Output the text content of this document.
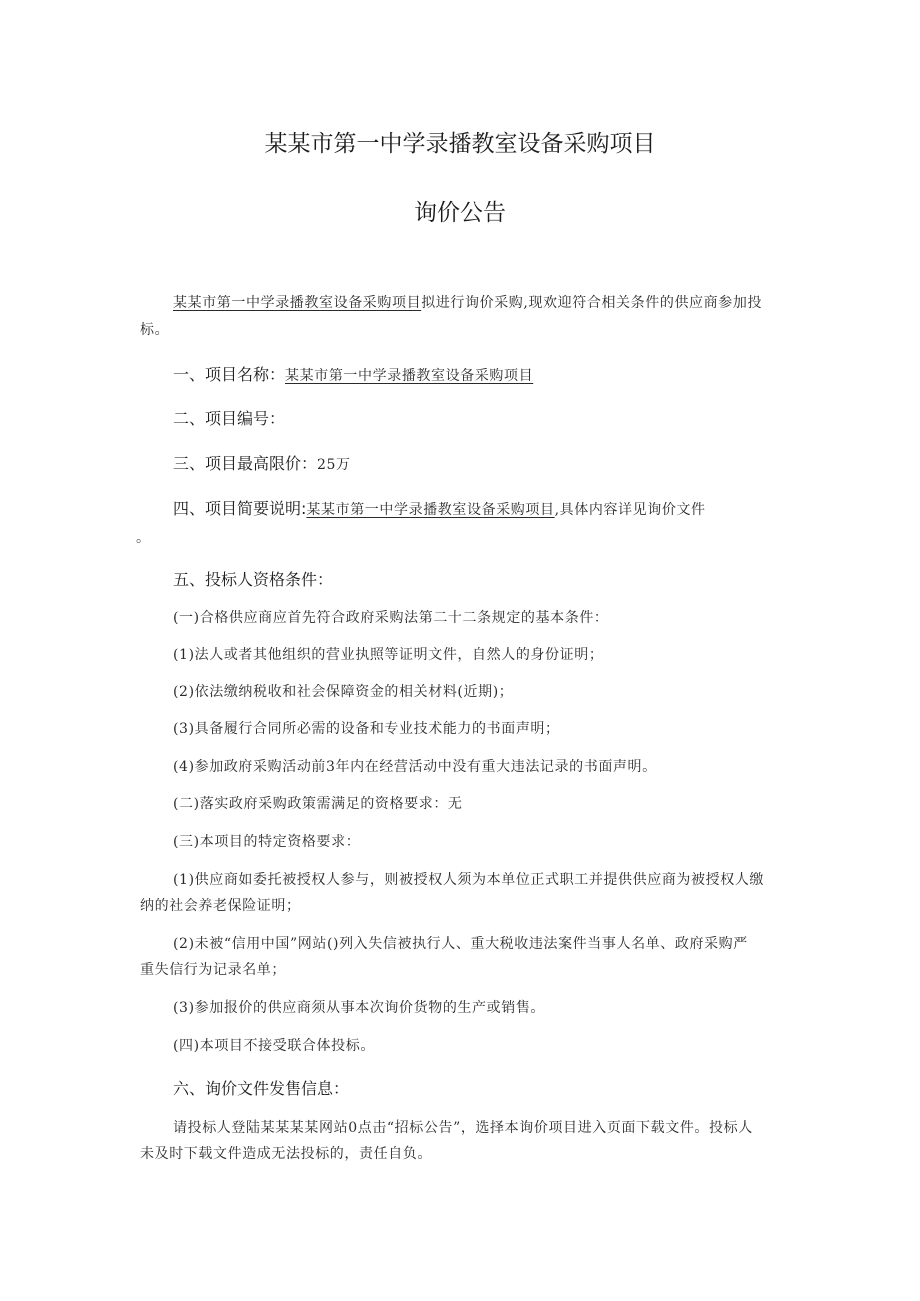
某某市第一中学录播教室设备采购项目
询价公告
某某市第一中学录播教室设备采购项目拟进行询价采购,现欢迎符合相关条件的供应商参加投
标。
一、项目名称：某某市第一中学录播教室设备采购项目
二、项目编号：
三、项目最高限价：25万
四、项目简要说明:某某市第一中学录播教室设备采购项目,具体内容详见询价文件
。
五、投标人资格条件：
(一)合格供应商应首先符合政府采购法第二十二条规定的基本条件：
(1)法人或者其他组织的营业执照等证明文件，自然人的身份证明；
(2)依法缴纳税收和社会保障资金的相关材料(近期)；
(3)具备履行合同所必需的设备和专业技术能力的书面声明；
(4)参加政府采购活动前3年内在经营活动中没有重大违法记录的书面声明。
(二)落实政府采购政策需满足的资格要求：无
(三)本项目的特定资格要求：
(1)供应商如委托被授权人参与，则被授权人须为本单位正式职工并提供供应商为被授权人缴
纳的社会养老保险证明；
(2)未被“信用中国”网站()列入失信被执行人、重大税收违法案件当事人名单、政府采购严
重失信行为记录名单；
(3)参加报价的供应商须从事本次询价货物的生产或销售。
(四)本项目不接受联合体投标。
六、询价文件发售信息：
请投标人登陆某某某某网站0点击“招标公告”，选择本询价项目进入页面下载文件。投标人
未及时下载文件造成无法投标的，责任自负。
